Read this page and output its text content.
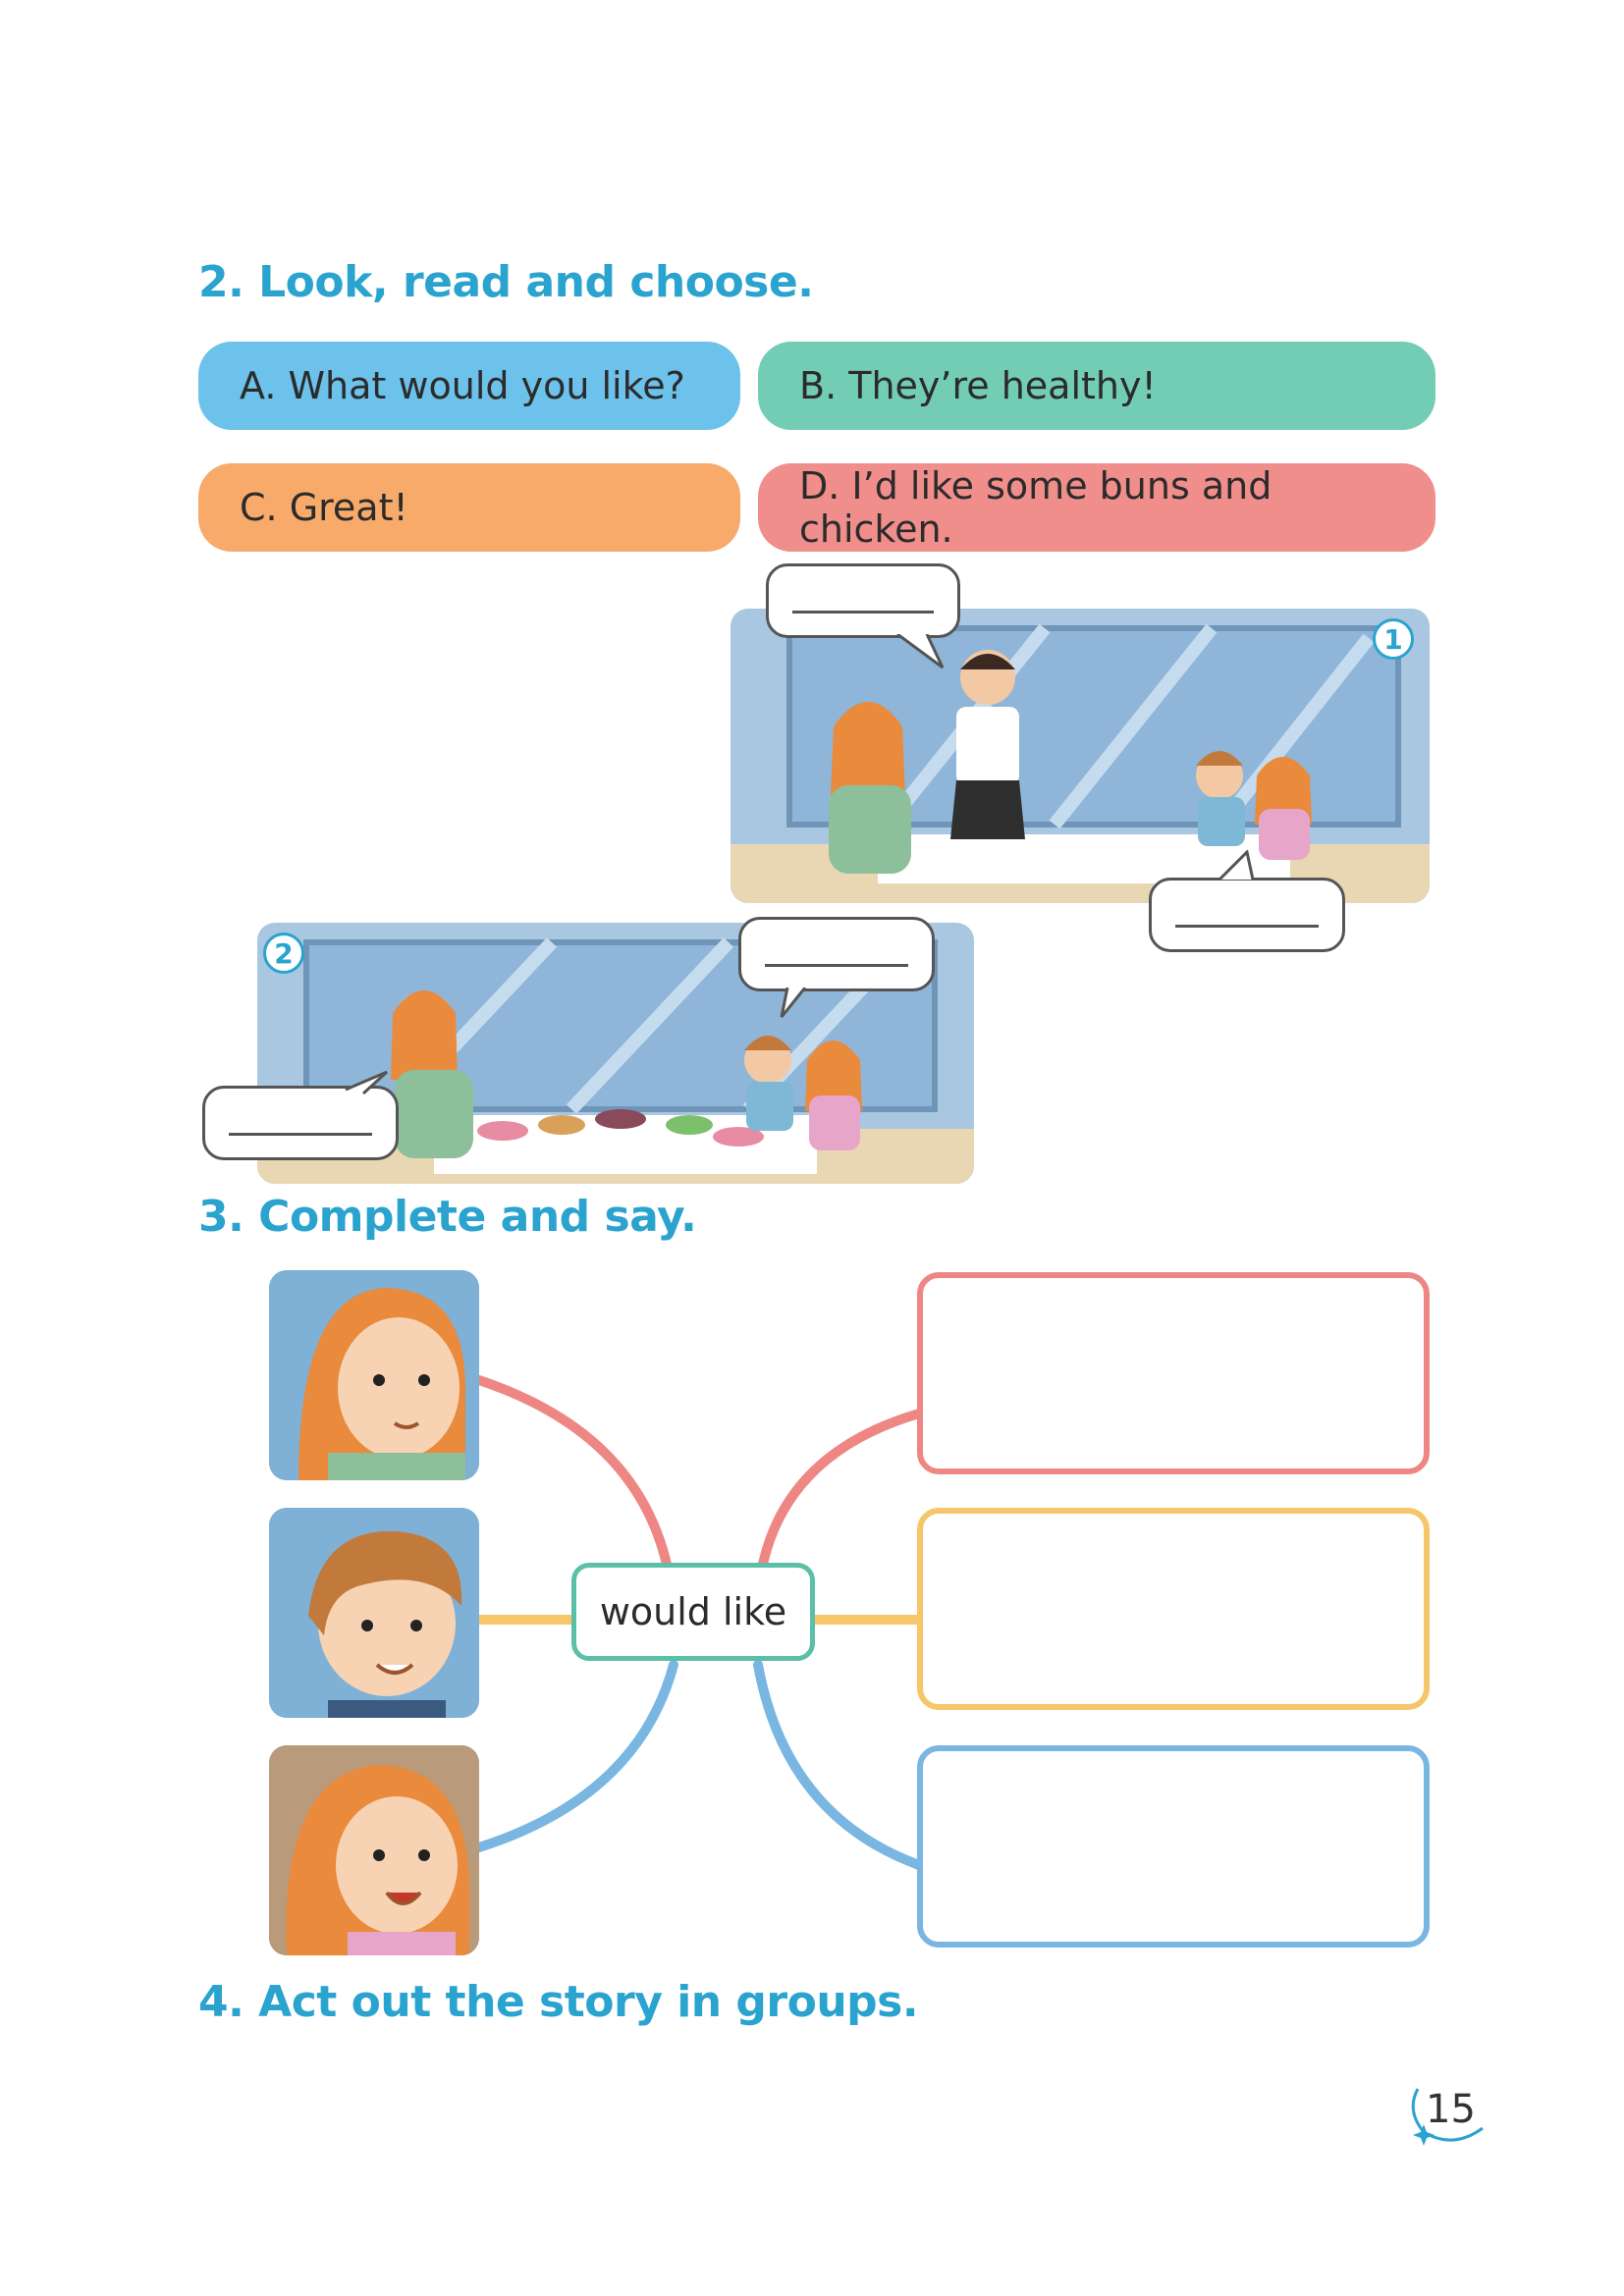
2. Look, read and choose.
A. What would you like?	B. They’re healthy!
C. Great!	D. I’d like some buns and chicken.
1
2
3. Complete and say.
would like
4. Act out the story in groups.
15
